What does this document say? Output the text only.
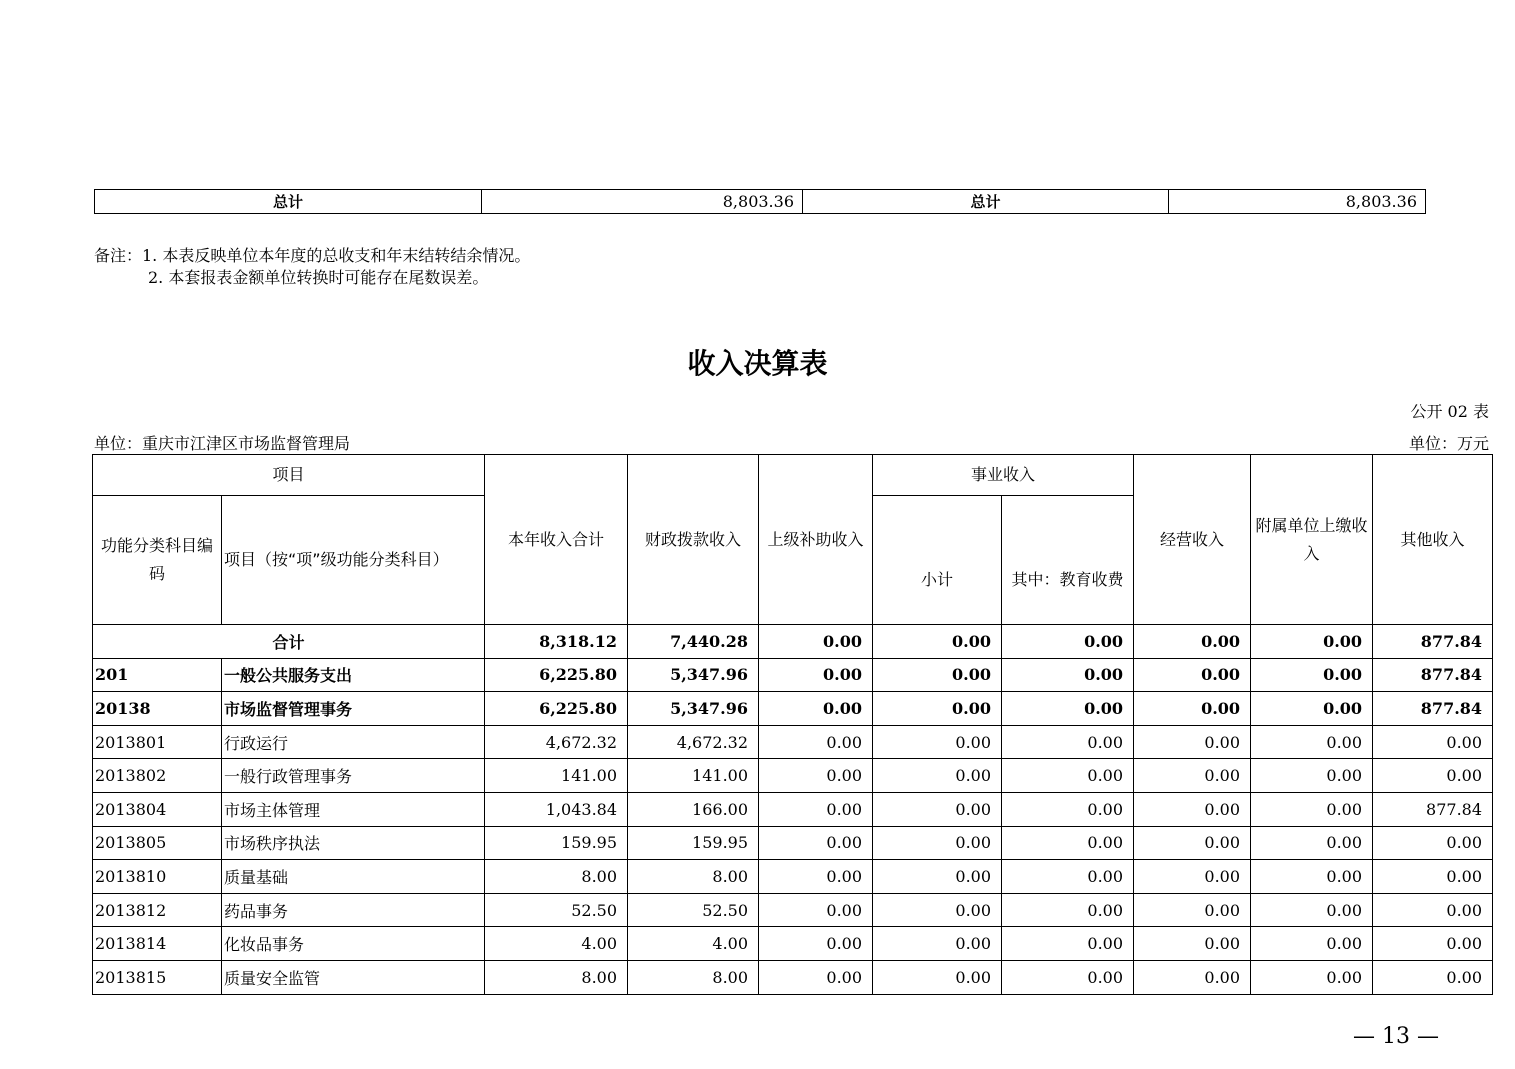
总计	8,803.36	总计	8,803.36
备注：1. 本表反映单位本年度的总收支和年末结转结余情况。
2. 本套报表金额单位转换时可能存在尾数误差。
收入决算表
公开 02 表
单位：重庆市江津区市场监督管理局	单位：万元
项目		本年收入合计	财政拨款收入	上级补助收入	事业收入		经营收入	附属单位上缴收入	其他收入
功能分类科目编码	项目（按“项”级功能分类科目）				小计	其中：教育收费			
合计		8,318.12	7,440.28	0.00	0.00	0.00	0.00	0.00	877.84
201	一般公共服务支出	6,225.80	5,347.96	0.00	0.00	0.00	0.00	0.00	877.84
20138	市场监督管理事务	6,225.80	5,347.96	0.00	0.00	0.00	0.00	0.00	877.84
2013801	行政运行	4,672.32	4,672.32	0.00	0.00	0.00	0.00	0.00	0.00
2013802	一般行政管理事务	141.00	141.00	0.00	0.00	0.00	0.00	0.00	0.00
2013804	市场主体管理	1,043.84	166.00	0.00	0.00	0.00	0.00	0.00	877.84
2013805	市场秩序执法	159.95	159.95	0.00	0.00	0.00	0.00	0.00	0.00
2013810	质量基础	8.00	8.00	0.00	0.00	0.00	0.00	0.00	0.00
2013812	药品事务	52.50	52.50	0.00	0.00	0.00	0.00	0.00	0.00
2013814	化妆品事务	4.00	4.00	0.00	0.00	0.00	0.00	0.00	0.00
2013815	质量安全监管	8.00	8.00	0.00	0.00	0.00	0.00	0.00	0.00
— 13 —
